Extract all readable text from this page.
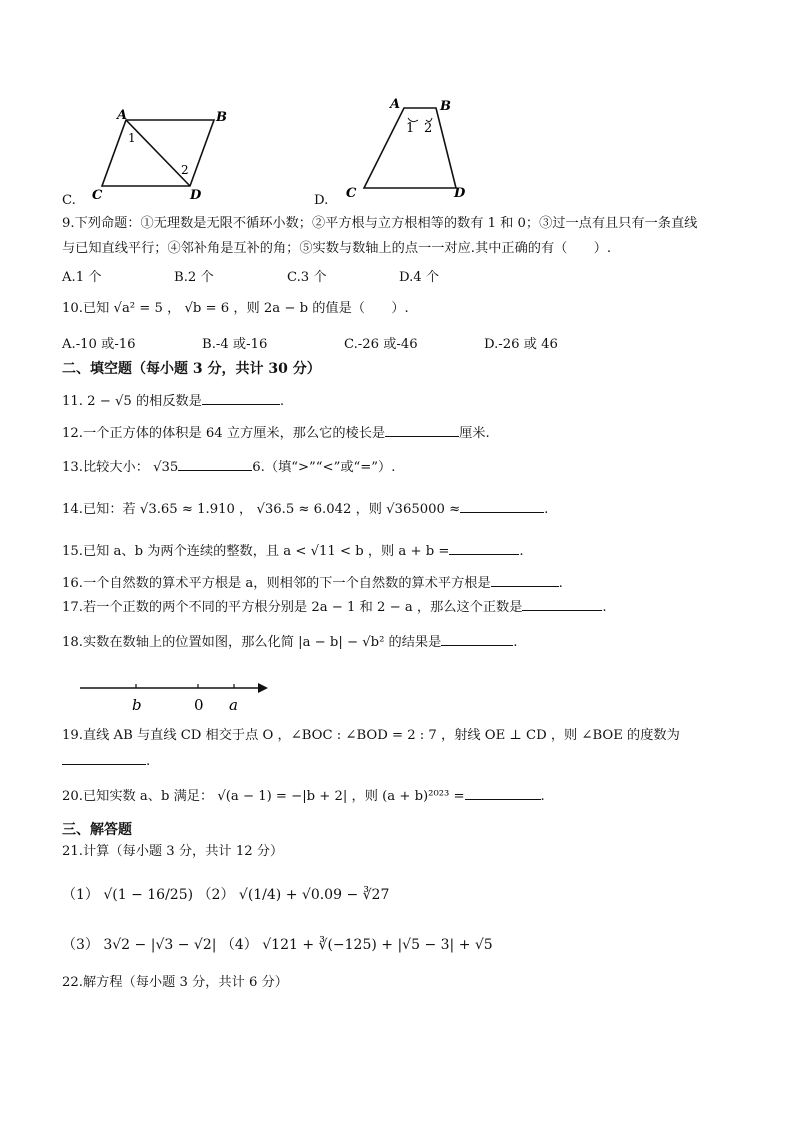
A	B
C	D
1
2
C.
A	B
C	D
1 2
D.
9.下列命题：①无理数是无限不循环小数；②平方根与立方根相等的数有 1 和 0；③过一点有且只有一条直线
与已知直线平行；④邻补角是互补的角；⑤实数与数轴上的点一一对应.其中正确的有（　　）.
A.1 个	B.2 个	C.3 个	D.4 个
10.已知 √a² = 5 ， √b = 6 ，则 2a − b 的值是（　　）.
A.-10 或-16	B.-4 或-16	C.-26 或-46	D.-26 或 46
二、填空题（每小题 3 分，共计 30 分）
11. 2 − √5 的相反数是	.
12.一个正方体的体积是 64 立方厘米，那么它的棱长是	厘米.
13.比较大小： √35	6.（填“>”“<”或“=”）.
14.已知：若 √3.65 ≈ 1.910 ， √36.5 ≈ 6.042 ，则 √365000 ≈	.
15.已知 a、b 为两个连续的整数，且 a < √11 < b ，则 a + b =	.
16.一个自然数的算术平方根是 a，则相邻的下一个自然数的算术平方根是	.
17.若一个正数的两个不同的平方根分别是 2a − 1 和 2 − a ，那么这个正数是	.
18.实数在数轴上的位置如图，那么化简 |a − b| − √b² 的结果是	.
b	0 a
19.直线 AB 与直线 CD 相交于点 O ，∠BOC : ∠BOD = 2 : 7 ，射线 OE ⊥ CD ，则 ∠BOE 的度数为
.
20.已知实数 a、b 满足： √(a − 1) = −|b + 2| ，则 (a + b)²⁰²³ =	.
三、解答题
21.计算（每小题 3 分，共计 12 分）
（1） √(1 − 16/25) （2） √(1/4) + √0.09 − ∛27
（3） 3√2 − |√3 − √2| （4） √121 + ∛(−125) + |√5 − 3| + √5
22.解方程（每小题 3 分，共计 6 分）
